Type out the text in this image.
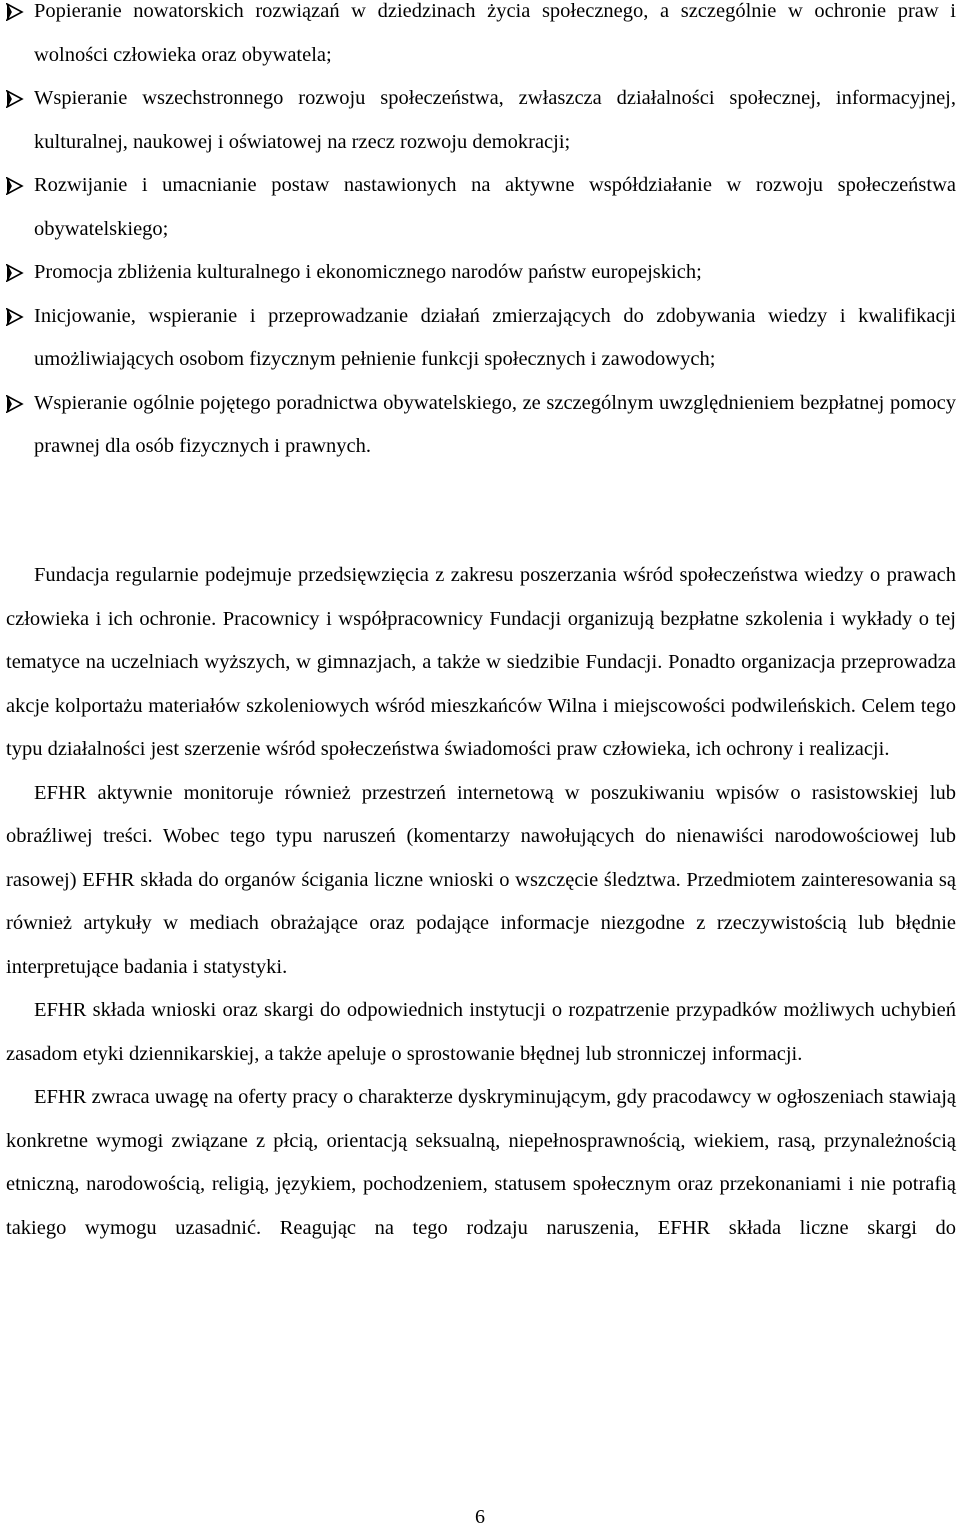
Popieranie nowatorskich rozwiązań w dziedzinach życia społecznego, a szczególnie w ochronie praw i wolności człowieka oraz obywatela;
Wspieranie wszechstronnego rozwoju społeczeństwa, zwłaszcza działalności społecznej, informacyjnej, kulturalnej, naukowej i oświatowej na rzecz rozwoju demokracji;
Rozwijanie i umacnianie postaw nastawionych na aktywne współdziałanie w rozwoju społeczeństwa obywatelskiego;
Promocja zbliżenia kulturalnego i ekonomicznego narodów państw europejskich;
Inicjowanie, wspieranie i przeprowadzanie działań zmierzających do zdobywania wiedzy i kwalifikacji umożliwiających osobom fizycznym pełnienie funkcji społecznych i zawodowych;
Wspieranie ogólnie pojętego poradnictwa obywatelskiego, ze szczególnym uwzględnieniem bezpłatnej pomocy prawnej dla osób fizycznych i prawnych.

Fundacja regularnie podejmuje przedsięwzięcia z zakresu poszerzania wśród społeczeństwa wiedzy o prawach człowieka i ich ochronie. Pracownicy i współpracownicy Fundacji organizują bezpłatne szkolenia i wykłady o tej tematyce na uczelniach wyższych, w gimnazjach, a także w siedzibie Fundacji. Ponadto organizacja przeprowadza akcje kolportażu materiałów szkoleniowych wśród mieszkańców Wilna i miejscowości podwileńskich. Celem tego typu działalności jest szerzenie wśród społeczeństwa świadomości praw człowieka, ich ochrony i realizacji.

EFHR aktywnie monitoruje również przestrzeń internetową w poszukiwaniu wpisów o rasistowskiej lub obraźliwej treści. Wobec tego typu naruszeń (komentarzy nawołujących do nienawiści narodowościowej lub rasowej) EFHR składa do organów ścigania liczne wnioski o wszczęcie śledztwa. Przedmiotem zainteresowania są również artykuły w mediach obrażające oraz podające informacje niezgodne z rzeczywistością lub błędnie interpretujące badania i statystyki.

EFHR składa wnioski oraz skargi do odpowiednich instytucji o rozpatrzenie przypadków możliwych uchybień zasadom etyki dziennikarskiej, a także apeluje o sprostowanie błędnej lub stronniczej informacji.

EFHR zwraca uwagę na oferty pracy o charakterze dyskryminującym, gdy pracodawcy w ogłoszeniach stawiają konkretne wymogi związane z płcią, orientacją seksualną, niepełnosprawnością, wiekiem, rasą, przynależnością etniczną, narodowością, religią, językiem, pochodzeniem, statusem społecznym oraz przekonaniami i nie potrafią takiego wymogu uzasadnić. Reagując na tego rodzaju naruszenia, EFHR składa liczne skargi do

6
